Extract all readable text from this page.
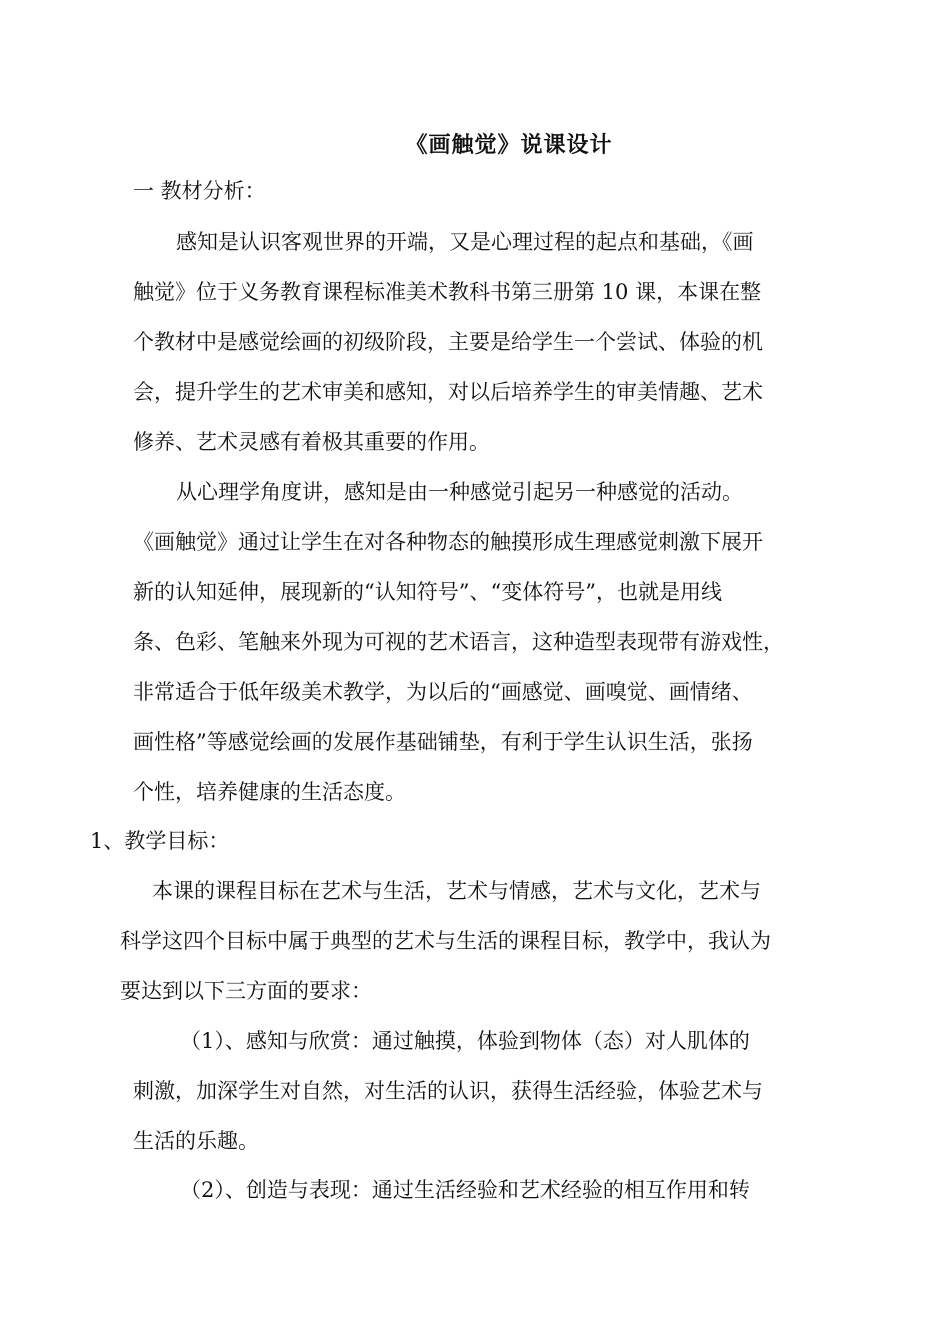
《画触觉》说课设计
一 教材分析：
感知是认识客观世界的开端，又是心理过程的起点和基础，《画
触觉》位于义务教育课程标准美术教科书第三册第 10 课，本课在整
个教材中是感觉绘画的初级阶段，主要是给学生一个尝试、体验的机
会，提升学生的艺术审美和感知，对以后培养学生的审美情趣、艺术
修养、艺术灵感有着极其重要的作用。
从心理学角度讲，感知是由一种感觉引起另一种感觉的活动。
《画触觉》通过让学生在对各种物态的触摸形成生理感觉刺激下展开
新的认知延伸，展现新的“认知符号”、“变体符号”，也就是用线
条、色彩、笔触来外现为可视的艺术语言，这种造型表现带有游戏性，
非常适合于低年级美术教学，为以后的“画感觉、画嗅觉、画情绪、
画性格”等感觉绘画的发展作基础铺垫，有利于学生认识生活，张扬
个性，培养健康的生活态度。
1、教学目标：
本课的课程目标在艺术与生活，艺术与情感，艺术与文化，艺术与
科学这四个目标中属于典型的艺术与生活的课程目标，教学中，我认为
要达到以下三方面的要求：
（1）、感知与欣赏：通过触摸，体验到物体（态）对人肌体的
刺激，加深学生对自然，对生活的认识，获得生活经验，体验艺术与
生活的乐趣。
（2）、创造与表现：通过生活经验和艺术经验的相互作用和转
